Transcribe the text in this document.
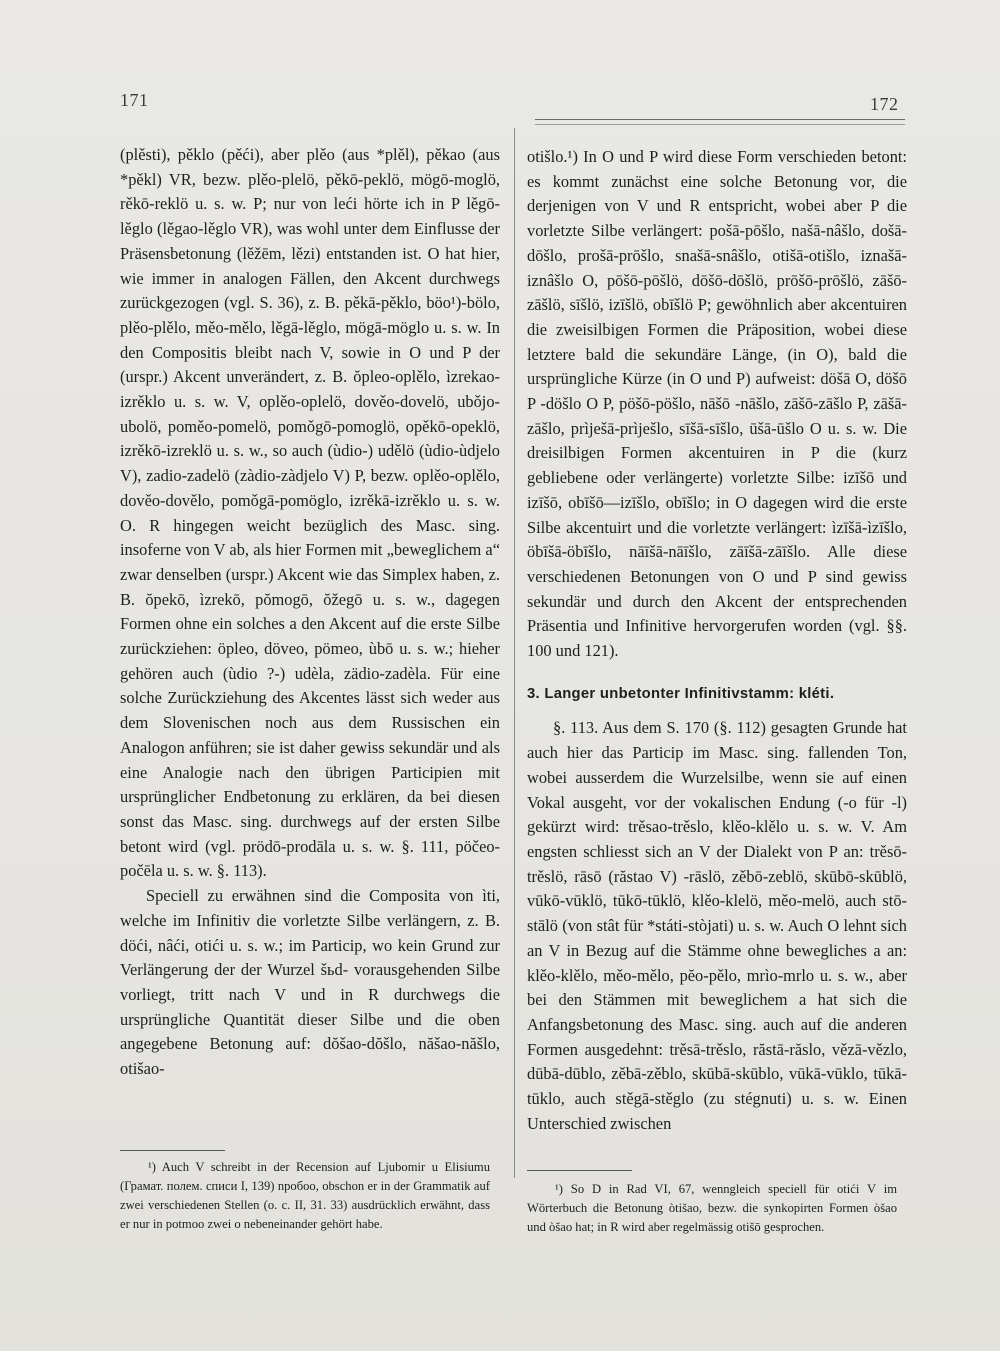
171	172

(plěsti), pěklo (pěći), aber plěo (aus *plěl), pěkao (aus *pěkl) VR, bezw. plěo-plelö, pěkō-peklö, mögō-moglö, rěkō-reklö u. s. w. P; nur von leći hörte ich in P lěgō-lěglo (lěgao-lěglo VR), was wohl unter dem Einflusse der Präsensbetonung (lěžēm, lězi) entstanden ist. O hat hier, wie immer in analogen Fällen, den Akcent durchwegs zurückgezogen (vgl. S. 36), z. B. pěkā-pěklo, böo¹)-bölo, plěo-plělo, měo-mělo, lěgā-lěglo, mögā-möglo u. s. w. In den Compositis bleibt nach V, sowie in O und P der (urspr.) Akcent unverändert, z. B. ŏpleo-oplělo, ìzrekao-izrěklo u. s. w. V, oplěo-oplelö, dověo-dovelö, ubǒjo-ubolö, poměo-pomelö, pomǒgō-pomoglö, opěkō-opeklö, izrěkō-izreklö u. s. w., so auch (ùdio-) udělö (ùdio-ùdjelo V), zadio-zadelö (zàdio-zàdjelo V) P, bezw. oplěo-oplělo, dověo-dovělo, pomǒgā-pomöglo, izrěkā-izrěklo u. s. w. O. R hingegen weicht bezüglich des Masc. sing. insoferne von V ab, als hier Formen mit „beweglichem a“ zwar denselben (urspr.) Akcent wie das Simplex haben, z. B. ŏpekō, ìzrekō, pŏmogō, ŏžegō u. s. w., dagegen Formen ohne ein solches a den Akcent auf die erste Silbe zurückziehen: öpleo, döveo, pömeo, ùbō u. s. w.; hieher gehören auch (ùdio ?-) udèla, zädio-zadèla. Für eine solche Zurückziehung des Akcentes lässt sich weder aus dem Slovenischen noch aus dem Russischen ein Analogon anführen; sie ist daher gewiss sekundär und als eine Analogie nach den übrigen Participien mit ursprünglicher Endbetonung zu erklären, da bei diesen sonst das Masc. sing. durchwegs auf der ersten Silbe betont wird (vgl. prödō-prodāla u. s. w. §. 111, pöčeo-počēla u. s. w. §. 113).

Speciell zu erwähnen sind die Composita von ìti, welche im Infinitiv die vorletzte Silbe verlängern, z. B. döći, nâći, otići u. s. w.; im Particip, wo kein Grund zur Verlängerung der der Wurzel šьd- vorausgehenden Silbe vorliegt, tritt nach V und in R durchwegs die ursprüngliche Quantität dieser Silbe und die oben angegebene Betonung auf: dŏšao-dŏšlo, năšao-năšlo, otišao-

¹) Auch V schreibt in der Recension auf Ljubomir u Elisiumu (Грамат. полем. списи I, 139) npoбoo, obschon er in der Grammatik auf zwei verschiedenen Stellen (o. c. II, 31. 33) ausdrücklich erwähnt, dass er nur in potmoo zwei o nebeneinander gehört habe.

otišlo.¹) In O und P wird diese Form verschieden betont: es kommt zunächst eine solche Betonung vor, die derjenigen von V und R entspricht, wobei aber P die vorletzte Silbe verlängert: pošā-pōšlo, našā-nâšlo, došā-dōšlo, prošā-prōšlo, snašā-snâšlo, otišā-otišlo, iznašā-iznâšlo O, pōšō-pōšlö, dōšō-dōšlö, prōšō-prōšlö, zāšō-zāšlö, sīšlö, izīšlö, obīšlö P; gewöhnlich aber akcentuiren die zweisilbigen Formen die Präposition, wobei diese letztere bald die sekundäre Länge, (in O), bald die ursprüngliche Kürze (in O und P) aufweist: döšā O, döšō P -döšlo O P, pöšō-pöšlo, nāšō -nāšlo, zāšō-zāšlo P, zāšā-zāšlo, prìješā-prìješlo, sīšā-sīšlo, ūšā-ūšlo O u. s. w. Die dreisilbigen Formen akcentuiren in P die (kurz gebliebene oder verlängerte) vorletzte Silbe: izīšō und izīšō, obīšō—izīšlo, obīšlo; in O dagegen wird die erste Silbe akcentuirt und die vorletzte verlängert: ìzīšā-ìzīšlo, öbīšā-öbīšlo, nāīšā-nāīšlo, zāīšā-zāīšlo. Alle diese verschiedenen Betonungen von O und P sind gewiss sekundär und durch den Akcent der entsprechenden Präsentia und Infinitive hervorgerufen worden (vgl. §§. 100 und 121).

3. Langer unbetonter Infinitivstamm: kléti.

§. 113. Aus dem S. 170 (§. 112) gesagten Grunde hat auch hier das Particip im Masc. sing. fallenden Ton, wobei ausserdem die Wurzelsilbe, wenn sie auf einen Vokal ausgeht, vor der vokalischen Endung (-o für -l) gekürzt wird: trěsao-trěslo, klěo-klělo u. s. w. V. Am engsten schliesst sich an V der Dialekt von P an: trěsō-trěslö, rāsō (răstao V) -rāslö, zěbō-zeblö, skūbō-skūblö, vūkō-vūklö, tūkō-tūklö, klěo-klelö, měo-melö, auch stō-stālö (von stât für *státi-stòjati) u. s. w. Auch O lehnt sich an V in Bezug auf die Stämme ohne bewegliches a an: klěo-klělo, měo-mělo, pĕo-pělo, mrìo-mrlo u. s. w., aber bei den Stämmen mit beweglichem a hat sich die Anfangsbetonung des Masc. sing. auch auf die anderen Formen ausgedehnt: trěsā-trěslo, răstā-răslo, vězā-vězlo, dūbā-dūblo, zěbā-zěblo, skūbā-skūblo, vūkā-vūklo, tūkā-tūklo, auch stěgā-stěglo (zu stégnuti) u. s. w. Einen Unterschied zwischen

¹) So D in Rad VI, 67, wenngleich speciell für otići V im Wörterbuch die Betonung òtišao, bezw. die synkopirten Formen òšao und òšao hat; in R wird aber regelmässig otišō gesprochen.
